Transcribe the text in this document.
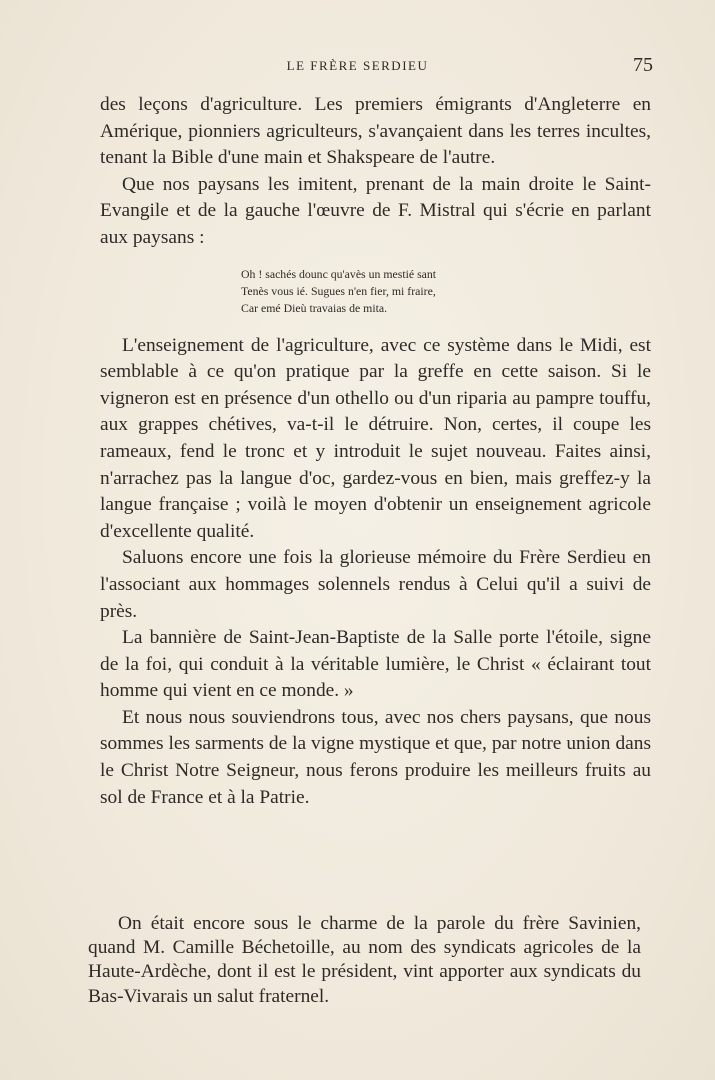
LE FRÈRE SERDIEU	75

des leçons d'agriculture. Les premiers émigrants d'Angleterre en Amérique, pionniers agriculteurs, s'avançaient dans les terres incultes, tenant la Bible d'une main et Shakspeare de l'autre.

Que nos paysans les imitent, prenant de la main droite le Saint-Evangile et de la gauche l'œuvre de F. Mistral qui s'écrie en parlant aux paysans :

Oh ! sachés dounc qu'avès un mestié sant
Tenès vous ié. Sugues n'en fier, mi fraire,
Car emé Dieù travaias de mita.

L'enseignement de l'agriculture, avec ce système dans le Midi, est semblable à ce qu'on pratique par la greffe en cette saison. Si le vigneron est en présence d'un othello ou d'un riparia au pampre touffu, aux grappes chétives, va-t-il le détruire. Non, certes, il coupe les rameaux, fend le tronc et y introduit le sujet nouveau. Faites ainsi, n'arrachez pas la langue d'oc, gardez-vous en bien, mais greffez-y la langue française ; voilà le moyen d'obtenir un enseignement agricole d'excellente qualité.

Saluons encore une fois la glorieuse mémoire du Frère Serdieu en l'associant aux hommages solennels rendus à Celui qu'il a suivi de près.

La bannière de Saint-Jean-Baptiste de la Salle porte l'étoile, signe de la foi, qui conduit à la véritable lumière, le Christ « éclairant tout homme qui vient en ce monde. »

Et nous nous souviendrons tous, avec nos chers paysans, que nous sommes les sarments de la vigne mystique et que, par notre union dans le Christ Notre Seigneur, nous ferons produire les meilleurs fruits au sol de France et à la Patrie.

On était encore sous le charme de la parole du frère Savinien, quand M. Camille Béchetoille, au nom des syndicats agricoles de la Haute-Ardèche, dont il est le président, vint apporter aux syndicats du Bas-Vivarais un salut fraternel.
